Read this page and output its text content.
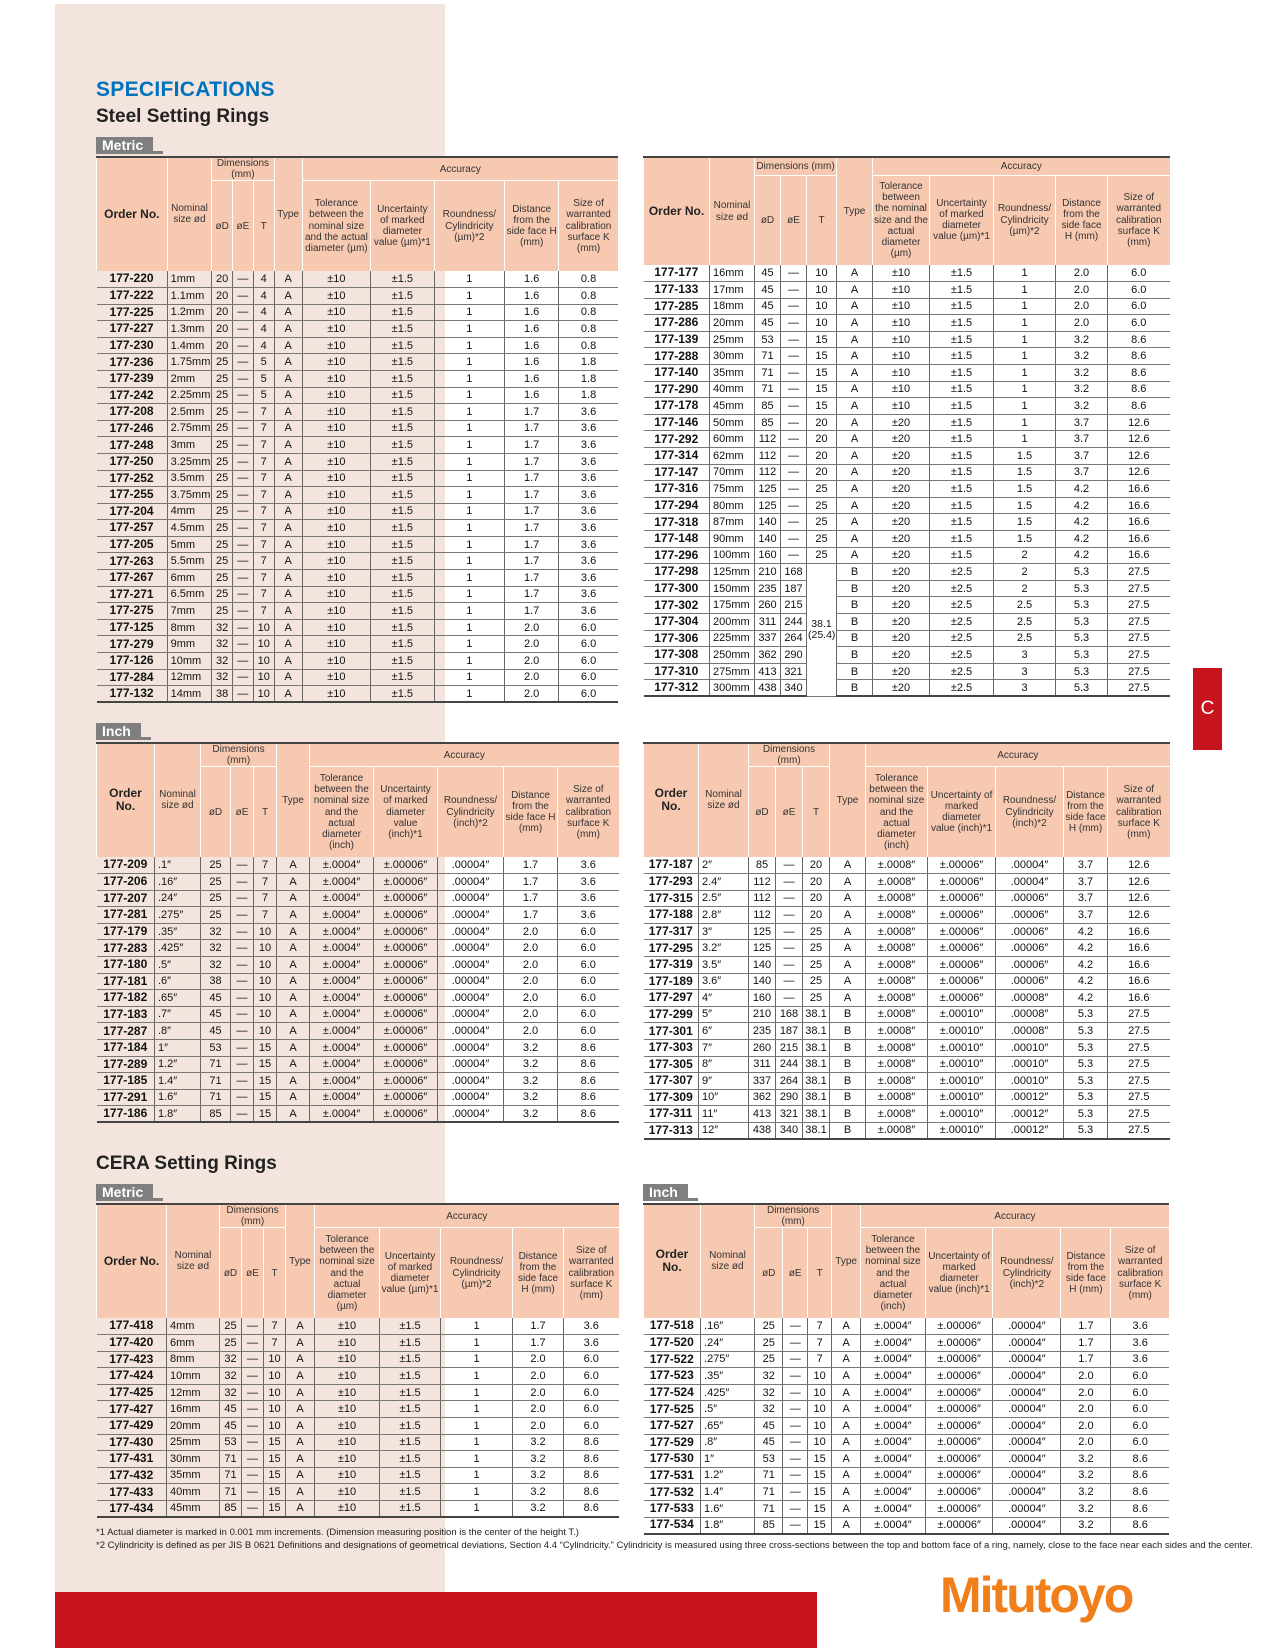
C
SPECIFICATIONS
Steel Setting Rings
Metric
Inch
CERA Setting Rings
Metric	Inch
Order No.	Nominal size ød	Dimensions (mm)			Type	Accuracy				
		øD	øE	T		Tolerance between the nominal size and the actual diameter (µm)	Uncertainty of marked diameter value (µm)*1	Roundness/ Cylindricity (µm)*2	Distance from the side face H (mm)	Size of warranted calibration surface K (mm)
177-220	1mm	20	—	4	A	±10	±1.5	1	1.6	0.8
177-222	1.1mm	20	—	4	A	±10	±1.5	1	1.6	0.8
177-225	1.2mm	20	—	4	A	±10	±1.5	1	1.6	0.8
177-227	1.3mm	20	—	4	A	±10	±1.5	1	1.6	0.8
177-230	1.4mm	20	—	4	A	±10	±1.5	1	1.6	0.8
177-236	1.75mm	25	—	5	A	±10	±1.5	1	1.6	1.8
177-239	2mm	25	—	5	A	±10	±1.5	1	1.6	1.8
177-242	2.25mm	25	—	5	A	±10	±1.5	1	1.6	1.8
177-208	2.5mm	25	—	7	A	±10	±1.5	1	1.7	3.6
177-246	2.75mm	25	—	7	A	±10	±1.5	1	1.7	3.6
177-248	3mm	25	—	7	A	±10	±1.5	1	1.7	3.6
177-250	3.25mm	25	—	7	A	±10	±1.5	1	1.7	3.6
177-252	3.5mm	25	—	7	A	±10	±1.5	1	1.7	3.6
177-255	3.75mm	25	—	7	A	±10	±1.5	1	1.7	3.6
177-204	4mm	25	—	7	A	±10	±1.5	1	1.7	3.6
177-257	4.5mm	25	—	7	A	±10	±1.5	1	1.7	3.6
177-205	5mm	25	—	7	A	±10	±1.5	1	1.7	3.6
177-263	5.5mm	25	—	7	A	±10	±1.5	1	1.7	3.6
177-267	6mm	25	—	7	A	±10	±1.5	1	1.7	3.6
177-271	6.5mm	25	—	7	A	±10	±1.5	1	1.7	3.6
177-275	7mm	25	—	7	A	±10	±1.5	1	1.7	3.6
177-125	8mm	32	—	10	A	±10	±1.5	1	2.0	6.0
177-279	9mm	32	—	10	A	±10	±1.5	1	2.0	6.0
177-126	10mm	32	—	10	A	±10	±1.5	1	2.0	6.0
177-284	12mm	32	—	10	A	±10	±1.5	1	2.0	6.0
177-132	14mm	38	—	10	A	±10	±1.5	1	2.0	6.0
Order No.	Nominal size ød	Dimensions (mm)			Type	Accuracy				
		øD	øE	T		Tolerance between the nominal size and the actual diameter (µm)	Uncertainty of marked diameter value (µm)*1	Roundness/ Cylindricity (µm)*2	Distance from the side face H (mm)	Size of warranted calibration surface K (mm)
177-177	16mm	45	—	10	A	±10	±1.5	1	2.0	6.0
177-133	17mm	45	—	10	A	±10	±1.5	1	2.0	6.0
177-285	18mm	45	—	10	A	±10	±1.5	1	2.0	6.0
177-286	20mm	45	—	10	A	±10	±1.5	1	2.0	6.0
177-139	25mm	53	—	15	A	±10	±1.5	1	3.2	8.6
177-288	30mm	71	—	15	A	±10	±1.5	1	3.2	8.6
177-140	35mm	71	—	15	A	±10	±1.5	1	3.2	8.6
177-290	40mm	71	—	15	A	±10	±1.5	1	3.2	8.6
177-178	45mm	85	—	15	A	±10	±1.5	1	3.2	8.6
177-146	50mm	85	—	20	A	±20	±1.5	1	3.7	12.6
177-292	60mm	112	—	20	A	±20	±1.5	1	3.7	12.6
177-314	62mm	112	—	20	A	±20	±1.5	1.5	3.7	12.6
177-147	70mm	112	—	20	A	±20	±1.5	1.5	3.7	12.6
177-316	75mm	125	—	25	A	±20	±1.5	1.5	4.2	16.6
177-294	80mm	125	—	25	A	±20	±1.5	1.5	4.2	16.6
177-318	87mm	140	—	25	A	±20	±1.5	1.5	4.2	16.6
177-148	90mm	140	—	25	A	±20	±1.5	1.5	4.2	16.6
177-296	100mm	160	—	25	A	±20	±1.5	2	4.2	16.6
177-298	125mm	210	168	38.1 (25.4)	B	±20	±2.5	2	5.3	27.5
177-300	150mm	235	187		B	±20	±2.5	2	5.3	27.5
177-302	175mm	260	215		B	±20	±2.5	2.5	5.3	27.5
177-304	200mm	311	244		B	±20	±2.5	2.5	5.3	27.5
177-306	225mm	337	264		B	±20	±2.5	2.5	5.3	27.5
177-308	250mm	362	290		B	±20	±2.5	3	5.3	27.5
177-310	275mm	413	321		B	±20	±2.5	3	5.3	27.5
177-312	300mm	438	340		B	±20	±2.5	3	5.3	27.5
Order No.	Nominal size ød	Dimensions (mm)			Type	Accuracy				
		øD	øE	T		Tolerance between the nominal size and the actual diameter (inch)	Uncertainty of marked diameter value (inch)*1	Roundness/ Cylindricity (inch)*2	Distance from the side face H (mm)	Size of warranted calibration surface K (mm)
177-209	.1″	25	—	7	A	±.0004″	±.00006″	.00004″	1.7	3.6
177-206	.16″	25	—	7	A	±.0004″	±.00006″	.00004″	1.7	3.6
177-207	.24″	25	—	7	A	±.0004″	±.00006″	.00004″	1.7	3.6
177-281	.275″	25	—	7	A	±.0004″	±.00006″	.00004″	1.7	3.6
177-179	.35″	32	—	10	A	±.0004″	±.00006″	.00004″	2.0	6.0
177-283	.425″	32	—	10	A	±.0004″	±.00006″	.00004″	2.0	6.0
177-180	.5″	32	—	10	A	±.0004″	±.00006″	.00004″	2.0	6.0
177-181	.6″	38	—	10	A	±.0004″	±.00006″	.00004″	2.0	6.0
177-182	.65″	45	—	10	A	±.0004″	±.00006″	.00004″	2.0	6.0
177-183	.7″	45	—	10	A	±.0004″	±.00006″	.00004″	2.0	6.0
177-287	.8″	45	—	10	A	±.0004″	±.00006″	.00004″	2.0	6.0
177-184	1″	53	—	15	A	±.0004″	±.00006″	.00004″	3.2	8.6
177-289	1.2″	71	—	15	A	±.0004″	±.00006″	.00004″	3.2	8.6
177-185	1.4″	71	—	15	A	±.0004″	±.00006″	.00004″	3.2	8.6
177-291	1.6″	71	—	15	A	±.0004″	±.00006″	.00004″	3.2	8.6
177-186	1.8″	85	—	15	A	±.0004″	±.00006″	.00004″	3.2	8.6
Order No.	Nominal size ød	Dimensions (mm)			Type	Accuracy				
		øD	øE	T		Tolerance between the nominal size and the actual diameter (inch)	Uncertainty of marked diameter value (inch)*1	Roundness/ Cylindricity (inch)*2	Distance from the side face H (mm)	Size of warranted calibration surface K (mm)
177-187	2″	85	—	20	A	±.0008″	±.00006″	.00004″	3.7	12.6
177-293	2.4″	112	—	20	A	±.0008″	±.00006″	.00004″	3.7	12.6
177-315	2.5″	112	—	20	A	±.0008″	±.00006″	.00006″	3.7	12.6
177-188	2.8″	112	—	20	A	±.0008″	±.00006″	.00006″	3.7	12.6
177-317	3″	125	—	25	A	±.0008″	±.00006″	.00006″	4.2	16.6
177-295	3.2″	125	—	25	A	±.0008″	±.00006″	.00006″	4.2	16.6
177-319	3.5″	140	—	25	A	±.0008″	±.00006″	.00006″	4.2	16.6
177-189	3.6″	140	—	25	A	±.0008″	±.00006″	.00006″	4.2	16.6
177-297	4″	160	—	25	A	±.0008″	±.00006″	.00008″	4.2	16.6
177-299	5″	210	168	38.1	B	±.0008″	±.00010″	.00008″	5.3	27.5
177-301	6″	235	187	38.1	B	±.0008″	±.00010″	.00008″	5.3	27.5
177-303	7″	260	215	38.1	B	±.0008″	±.00010″	.00010″	5.3	27.5
177-305	8″	311	244	38.1	B	±.0008″	±.00010″	.00010″	5.3	27.5
177-307	9″	337	264	38.1	B	±.0008″	±.00010″	.00010″	5.3	27.5
177-309	10″	362	290	38.1	B	±.0008″	±.00010″	.00012″	5.3	27.5
177-311	11″	413	321	38.1	B	±.0008″	±.00010″	.00012″	5.3	27.5
177-313	12″	438	340	38.1	B	±.0008″	±.00010″	.00012″	5.3	27.5
Order No.	Nominal size ød	Dimensions (mm)			Type	Accuracy				
		øD	øE	T		Tolerance between the nominal size and the actual diameter (µm)	Uncertainty of marked diameter value (µm)*1	Roundness/ Cylindricity (µm)*2	Distance from the side face H (mm)	Size of warranted calibration surface K (mm)
177-418	4mm	25	—	7	A	±10	±1.5	1	1.7	3.6
177-420	6mm	25	—	7	A	±10	±1.5	1	1.7	3.6
177-423	8mm	32	—	10	A	±10	±1.5	1	2.0	6.0
177-424	10mm	32	—	10	A	±10	±1.5	1	2.0	6.0
177-425	12mm	32	—	10	A	±10	±1.5	1	2.0	6.0
177-427	16mm	45	—	10	A	±10	±1.5	1	2.0	6.0
177-429	20mm	45	—	10	A	±10	±1.5	1	2.0	6.0
177-430	25mm	53	—	15	A	±10	±1.5	1	3.2	8.6
177-431	30mm	71	—	15	A	±10	±1.5	1	3.2	8.6
177-432	35mm	71	—	15	A	±10	±1.5	1	3.2	8.6
177-433	40mm	71	—	15	A	±10	±1.5	1	3.2	8.6
177-434	45mm	85	—	15	A	±10	±1.5	1	3.2	8.6
Order No.	Nominal size ød	Dimensions (mm)			Type	Accuracy				
		øD	øE	T		Tolerance between the nominal size and the actual diameter (inch)	Uncertainty of marked diameter value (inch)*1	Roundness/ Cylindricity (inch)*2	Distance from the side face H (mm)	Size of warranted calibration surface K (mm)
177-518	.16″	25	—	7	A	±.0004″	±.00006″	.00004″	1.7	3.6
177-520	.24″	25	—	7	A	±.0004″	±.00006″	.00004″	1.7	3.6
177-522	.275″	25	—	7	A	±.0004″	±.00006″	.00004″	1.7	3.6
177-523	.35″	32	—	10	A	±.0004″	±.00006″	.00004″	2.0	6.0
177-524	.425″	32	—	10	A	±.0004″	±.00006″	.00004″	2.0	6.0
177-525	.5″	32	—	10	A	±.0004″	±.00006″	.00004″	2.0	6.0
177-527	.65″	45	—	10	A	±.0004″	±.00006″	.00004″	2.0	6.0
177-529	.8″	45	—	10	A	±.0004″	±.00006″	.00004″	2.0	6.0
177-530	1″	53	—	15	A	±.0004″	±.00006″	.00004″	3.2	8.6
177-531	1.2″	71	—	15	A	±.0004″	±.00006″	.00004″	3.2	8.6
177-532	1.4″	71	—	15	A	±.0004″	±.00006″	.00004″	3.2	8.6
177-533	1.6″	71	—	15	A	±.0004″	±.00006″	.00004″	3.2	8.6
177-534	1.8″	85	—	15	A	±.0004″	±.00006″	.00004″	3.2	8.6
*1 Actual diameter is marked in 0.001 mm increments. (Dimension measuring position is the center of the height T.)
*2 Cylindricity is defined as per JIS B 0621 Definitions and designations of geometrical deviations, Section 4.4 “Cylindricity.” Cylindricity is measured using three cross-sections between the top and bottom face of a ring, namely, close to the face near each sides and the center.
Mitutoyo
